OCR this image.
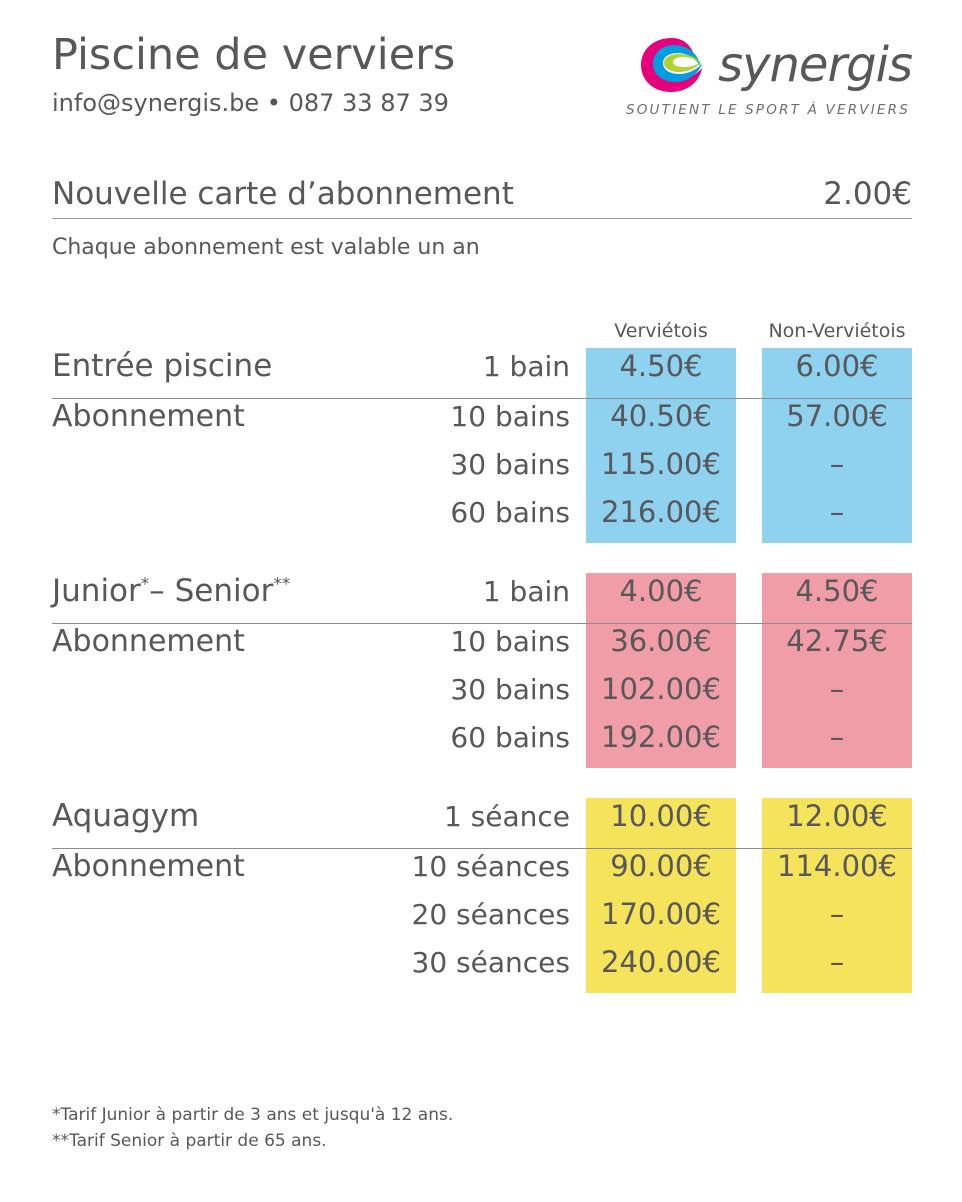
Piscine de verviers
info@synergis.be • 087 33 87 39
synergis
SOUTIENT LE SPORT À VERVIERS
Nouvelle carte d’abonnement	2.00€
Chaque abonnement est valable un an
Verviétois	Non-Verviétois
Entrée piscine	1 bain	4.50€	6.00€
Abonnement	10 bains	40.50€	57.00€
30 bains	115.00€	–
60 bains	216.00€	–
Junior*– Senior**	1 bain	4.00€	4.50€
Abonnement	10 bains	36.00€	42.75€
30 bains	102.00€	–
60 bains	192.00€	–
Aquagym	1 séance	10.00€	12.00€
Abonnement	10 séances	90.00€	114.00€
20 séances	170.00€	–
30 séances	240.00€	–
*Tarif Junior à partir de 3 ans et jusqu'à 12 ans.
**Tarif Senior à partir de 65 ans.
